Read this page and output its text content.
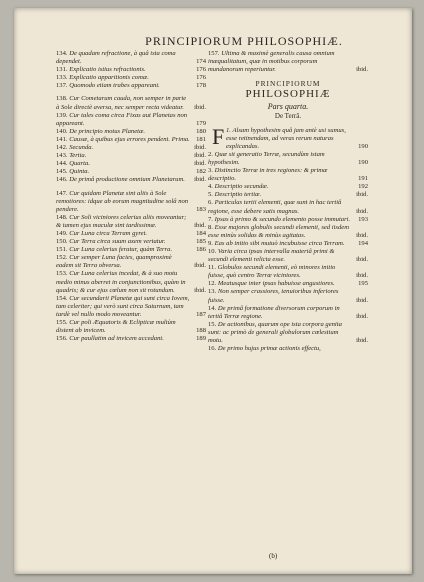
PRINCIPIORUM PHILOSOPHIÆ.
134. De quadam refractione, à quâ ista coma dependet.	174
131. Explicatio istius refractionis.	176
133. Explicatio apparitionis comæ.	176
137. Quomodo etiam trabes appareant.	178
138. Cur Cometarum cauda, non semper in parte à Sole directè aversa, nec semper recta videatur. ibid.
139. Cur tales coma circa Fixas aut Planetas non appareant.	179
140. De principio motus Planetæ.	180
141. Causæ, à quibus ejus errores pendent. Prima. 181
142. Secunda.	ibid.
143. Tertia.	ibid.
144. Quarta.	ibid.
145. Quinta.	182
146. De primâ productione omnium Planetarum. ibid.
147. Cur quidam Planetæ sint aliis à Sole remotiores: idque ab eorum magnitudine solâ non pendere.	183
148. Cur Soli viciniores celerius aliis moveantur; & tamen ejus maculæ sint tardissimæ.	ibid.
149. Cur Luna circa Terram gyret.	184
150. Cur Terra circa suum axem vertatur.	185
151. Cur Luna celerius feratur, quàm Terra.	186
152. Cur semper Luna facies, quamproximè eadem sit Terra obversa.	ibid.
153. Cur Luna celerius incedat, & à suo motu medio minus aberret in conjunctionibus, quàm in quadris; & cur ejus cœlum non sit rotundum.	ibid.
154. Cur secundarii Planetæ qui sunt circa Iovem, tam celeriter; qui verò sunt circa Saturnum, tam tardè vel nullo modo moveantur.	187
155. Cur poli Æquatoris & Eclipticæ multùm distent ab invicem.	188
156. Cur paullatim ad invicem accedant.	189
157. Ultima & maximè generalis causa omnium inæqualitatum, quæ in motibus corporum mundanorum reperiuntur.	ibid.
PRINCIPIORUM
PHILOSOPHIÆ
Pars quarta.
De Terrâ.
F 1. Alsam hypothesim quâ jam antè usi sumus, esse retinendam, ad veras rerum naturas explicandas.	190
2. Quæ sit generatio Terræ, secundùm istam hypothesim.	190
3. Distinctio Terræ in tres regiones: & primæ descriptio.	191
4. Descriptio secundæ.	192
5. Descriptio tertiæ.	ibid.
6. Particulas tertii elementi, quæ sunt in hac tertiâ regione, esse debere satis magnas.	ibid.
7. Ipsas à primo & secundo elemento posse immutari. 193
8. Esse majores globulis secundi elementi, sed iisdem esse minùs solidas & minùs agitatas.	ibid.
9. Eas ab initio sibi mutuò incubuisse circa Terram. 194
10. Varia circa ipsas intervalla materiâ primi & secundi elementi relicta esse.	ibid.
11. Globulos secundi elementi, eò minores initio fuisse, quò centro Terræ viciniores.	ibid.
12. Meatusque inter ipsas habuisse angustiores.	195
13. Non semper crassiores, tenuioribus inferiores fuisse.	ibid.
14. De primâ formatione diversorum corporum in tertiâ Terræ regione.	ibid.
15. De actionibus, quarum ope ista corpora genita sunt: ac primò de generali globulorum cœlestium motu.	ibid.
16. De primo hujus primæ actionis effectu,
(b)
